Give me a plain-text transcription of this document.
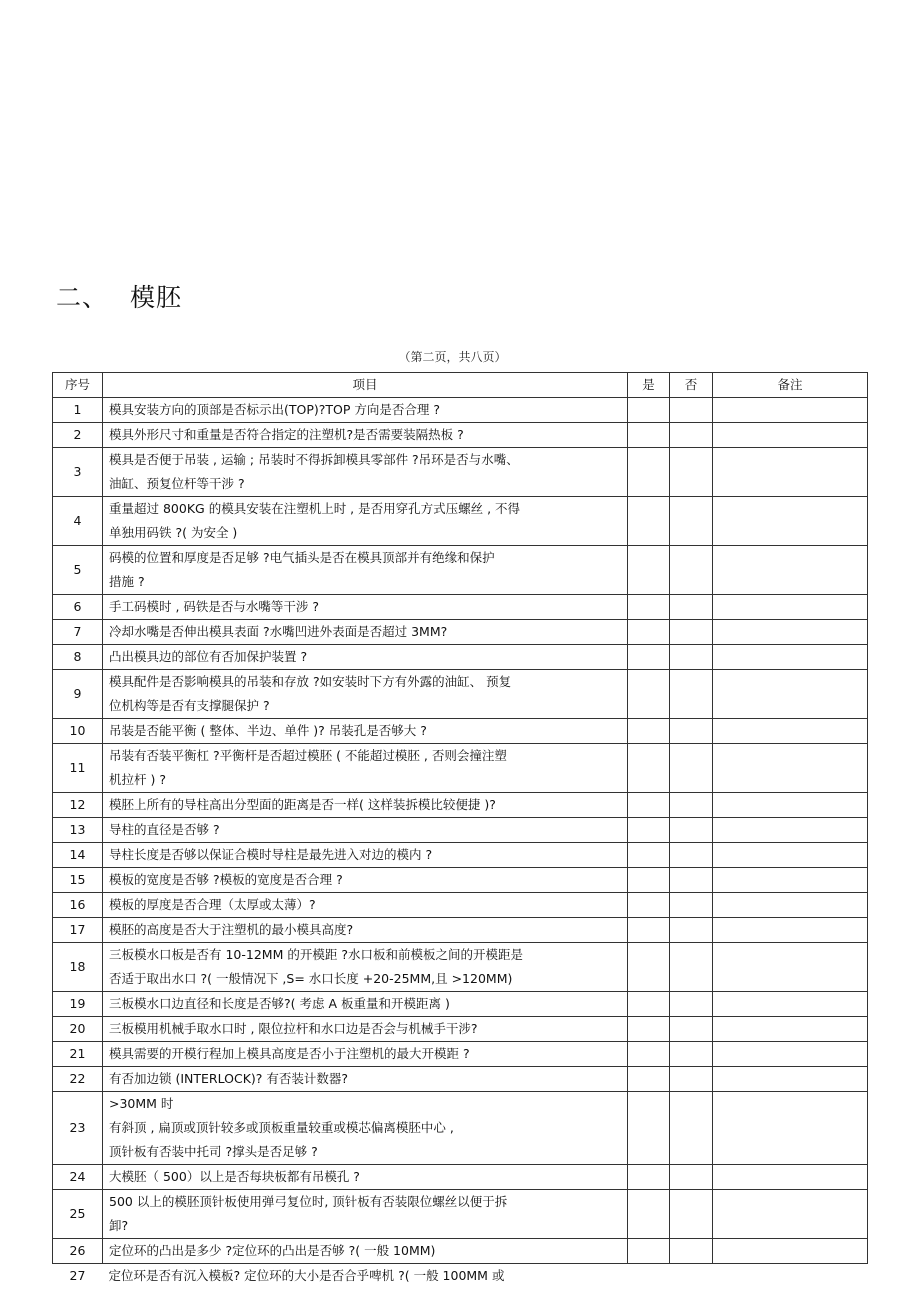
二、 模胚
（第二页，共八页）
序号	项目	是	否	备注
1	模具安装方向的顶部是否标示出(TOP)?TOP 方向是否合理 ?			

2	模具外形尺寸和重量是否符合指定的注塑机?是否需要装隔热板 ?			

3	模具是否便于吊装 , 运输 ; 吊装时不得拆卸模具零部件 ?吊环是否与水嘴、
油缸、预复位杆等干涉 ?			

4	重量超过 800KG 的模具安装在注塑机上时 , 是否用穿孔方式压螺丝 , 不得
单独用码铁 ?( 为安全 )			

5	码模的位置和厚度是否足够 ?电气插头是否在模具顶部并有绝缘和保护
措施 ?			

6	手工码模时 , 码铁是否与水嘴等干涉 ?			

7	冷却水嘴是否伸出模具表面 ?水嘴凹进外表面是否超过 3MM?			

8	凸出模具边的部位有否加保护装置 ?			

9	模具配件是否影响模具的吊装和存放 ?如安装时下方有外露的油缸、 预复
位机构等是否有支撑腿保护 ?			

10	吊装是否能平衡 ( 整体、半边、单件 )? 吊装孔是否够大 ?			

11	吊装有否装平衡杠 ?平衡杆是否超过模胚 ( 不能超过模胚 , 否则会撞注塑
机拉杆 ) ?			

12	模胚上所有的导柱高出分型面的距离是否一样( 这样装拆模比较便捷 )?			

13	导柱的直径是否够 ?			

14	导柱长度是否够以保证合模时导柱是最先进入对边的模内 ?			

15	模板的宽度是否够 ?模板的宽度是否合理 ?			

16	模板的厚度是否合理（太厚或太薄）?			

17	模胚的高度是否大于注塑机的最小模具高度?			

18	三板模水口板是否有 10-12MM 的开模距 ?水口板和前模板之间的开模距是
否适于取出水口 ?( 一般情况下 ,S= 水口长度 +20-25MM,且 >120MM)			

19	三板模水口边直径和长度是否够?( 考虑 A 板重量和开模距离 )			

20	三板模用机械手取水口时 , 限位拉杆和水口边是否会与机械手干涉?			

21	模具需要的开模行程加上模具高度是否小于注塑机的最大开模距 ?			

22	有否加边锁 (INTERLOCK)? 有否装计数器?			

23	>30MM 时
有斜顶 , 扁顶或顶针较多或顶板重量较重或模芯偏离模胚中心 ,
顶针板有否装中托司 ?撑头是否足够 ?			

24	大模胚（ 500）以上是否每块板都有吊模孔 ?			

25	500 以上的模胚顶针板使用弹弓复位时, 顶针板有否装限位螺丝以便于拆
卸?			

26	定位环的凸出是多少 ?定位环的凸出是否够 ?( 一般 10MM)			

27	定位环是否有沉入模板? 定位环的大小是否合乎啤机 ?( 一般 100MM 或			
